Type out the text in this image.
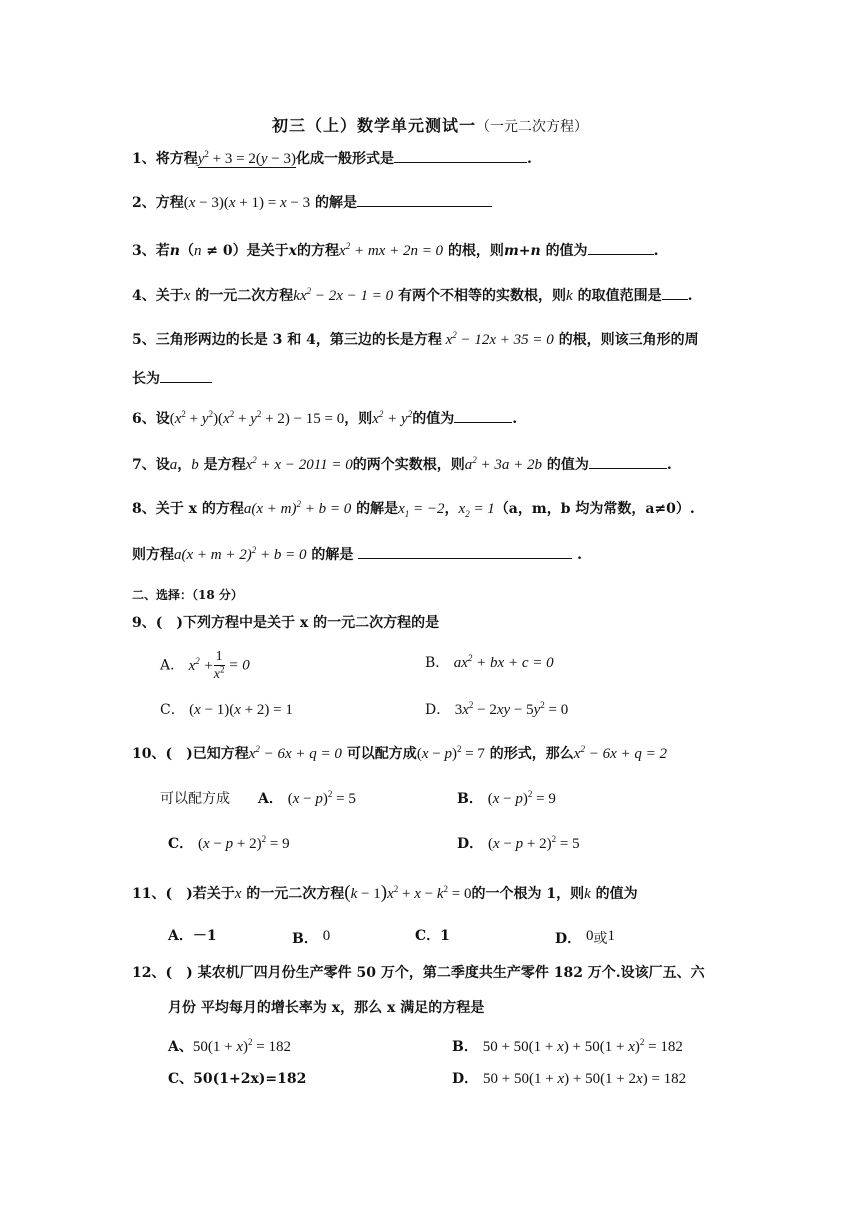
初三（上）数学单元测试一（一元二次方程）
1、将方程$y^2 + 3 = 2(y - 3)$化成一般形式是	.
2、方程(x − 3)(x + 1) = x − 3 的解是
3、若n（n ≠ 0）是关于x的方程$x^2$ + mx + 2n = 0 的根，则m+n 的值为	.
4、关于x 的一元二次方程$kx^2 - 2x - 1 = 0$ 有两个不相等的实数根，则k 的取值范围是 .
5、三角形两边的长是 3 和 4，第三边的长是方程 $x^2 - 12x + 35 = 0$ 的根，则该三角形的周
长为
6、设$(x^2 + y^2)(x^2 + y^2 + 2) - 15 = 0$，则$x^2 + y^2$的值为	.
7、设a，b 是方程$x^2 + x - 2011 = 0$的两个实数根，则$a^2 + 3a + 2b$ 的值为	.
8、关于 x 的方程$a(x + m)^2 + b = 0$ 的解是$x_1 = -2$，$x_2 = 1(a$，m，b 均为常数，a≠0）.
则方程$a(x + m + 2)^2 + b = 0$ 的解是	.
二、选择：（18 分）
9、( )下列方程中是关于 x 的一元二次方程的是
A． $x^2 + \frac{1}{x^2} = 0$	B． $ax^2$ + bx + c = 0
C． (x − 1)(x + 2) = 1	D． $3x^2 - 2xy - 5y^2 = 0$
10、( )已知方程$x^2 - 6x + q = 0$ 可以配方成$(x - p)^2 = 7$ 的形式，那么$x^2 - 6x + q = 2$
可以配方成 A． $(x - p)^2 = 5$	B． $(x - p)^2 = 9$
C． $(x - p + 2)^2 = 9$	D． $(x - p + 2)^2 = 5$
11、( )若关于x 的一元二次方程$(k - 1)x^2 + x - k^2 = 0$的一个根为 1，则k 的值为
A．－1	B． 0	C．1	D． 0或1
12、( ) 某农机厂四月份生产零件 50 万个，第二季度共生产零件 182 万个.设该厂五、六
月份 平均每月的增长率为 x，那么 x 满足的方程是
A、$50(1 + x)^2 = 182$	B． $50 + 50(1 + x) + 50(1 + x)^2 = 182$
C、50(1+2x)=182	D． 50 + 50(1 + x) + 50(1 + 2x) = 182
